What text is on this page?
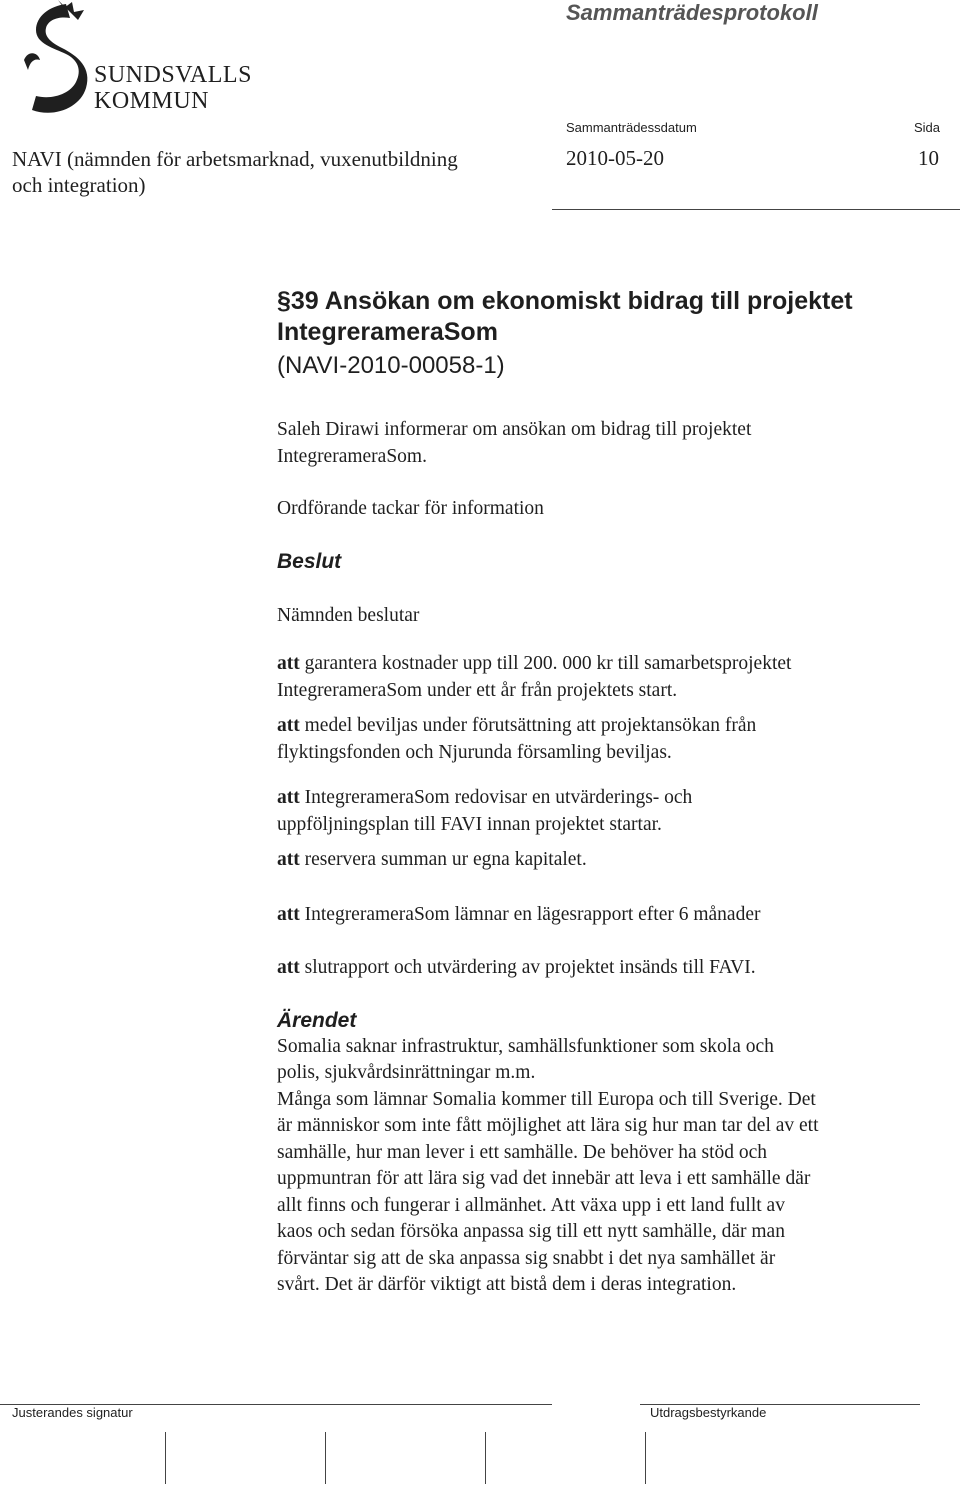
SUNDSVALLS
KOMMUN
Sammanträdesprotokoll
Sammanträdessdatum	Sida
NAVI (nämnden för arbetsmarknad, vuxenutbildning
och integration)
2010-05-20	10
§39 Ansökan om ekonomiskt bidrag till projektet
IntegrerameraSom
(NAVI-2010-00058-1)

Saleh Dirawi informerar om ansökan om bidrag till projektet
IntegrerameraSom.

Ordförande tackar för information

Beslut

Nämnden beslutar

att garantera kostnader upp till 200. 000 kr till samarbetsprojektet
IntegrerameraSom under ett år från projektets start.

att medel beviljas under förutsättning att projektansökan från
flyktingsfonden och Njurunda församling beviljas.

att IntegrerameraSom redovisar en utvärderings- och
uppföljningsplan till FAVI innan projektet startar.

att reservera summan ur egna kapitalet.

att IntegrerameraSom lämnar en lägesrapport efter 6 månader

att slutrapport och utvärdering av projektet insänds till FAVI.

Ärendet

Somalia saknar infrastruktur, samhällsfunktioner som skola och
polis, sjukvårdsinrättningar m.m.
Många som lämnar Somalia kommer till Europa och till Sverige. Det
är människor som inte fått möjlighet att lära sig hur man tar del av ett
samhälle, hur man lever i ett samhälle. De behöver ha stöd och
uppmuntran för att lära sig vad det innebär att leva i ett samhälle där
allt finns och fungerar i allmänhet. Att växa upp i ett land fullt av
kaos och sedan försöka anpassa sig till ett nytt samhälle, där man
förväntar sig att de ska anpassa sig snabbt i det nya samhället är
svårt. Det är därför viktigt att bistå dem i deras integration.

Justerandes signatur	Utdragsbestyrkande
